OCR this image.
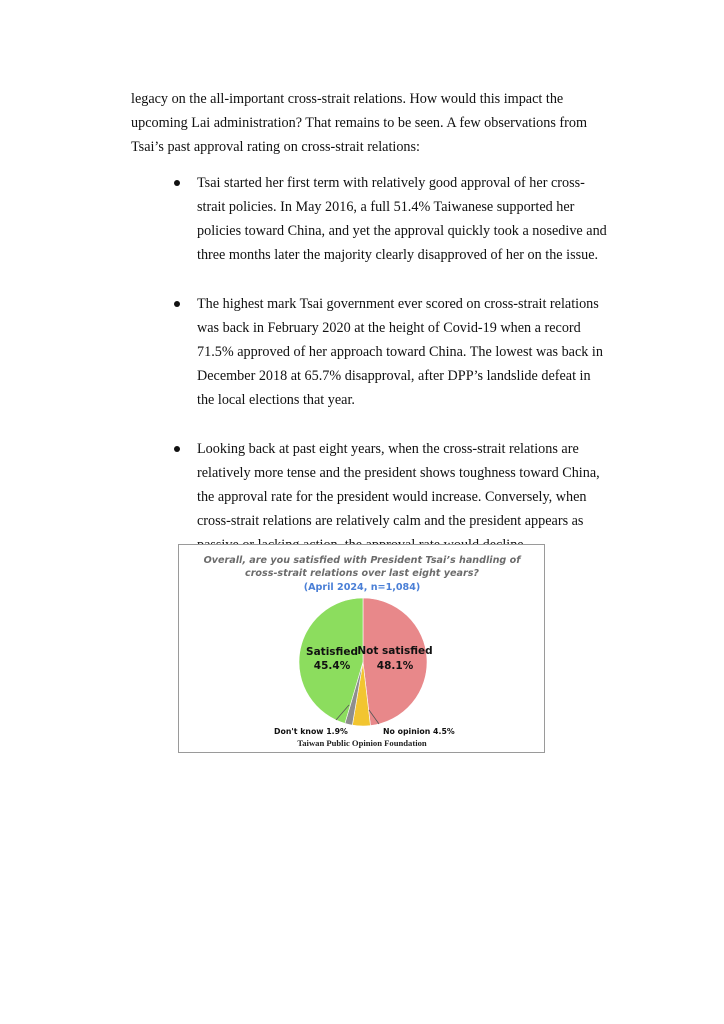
legacy on the all-important cross-strait relations. How would this impact the upcoming Lai administration? That remains to be seen. A few observations from Tsai’s past approval rating on cross-strait relations:

Tsai started her first term with relatively good approval of her cross-strait policies. In May 2016, a full 51.4% Taiwanese supported her policies toward China, and yet the approval quickly took a nosedive and three months later the majority clearly disapproved of her on the issue.
The highest mark Tsai government ever scored on cross-strait relations was back in February 2020 at the height of Covid-19 when a record 71.5% approved of her approach toward China. The lowest was back in December 2018 at 65.7% disapproval, after DPP’s landslide defeat in the local elections that year.
Looking back at past eight years, when the cross-strait relations are relatively more tense and the president shows toughness toward China, the approval rate for the president would increase. Conversely, when cross-strait relations are relatively calm and the president appears as
Overall, are you satisfied with President Tsai’s handling of
cross-strait relations over last eight years?
(April 2024, n=1,084)
Satisfied
45.4%
Not satisfied
48.1%
Don't know 1.9%	No opinion 4.5%
Taiwan Public Opinion Foundation
